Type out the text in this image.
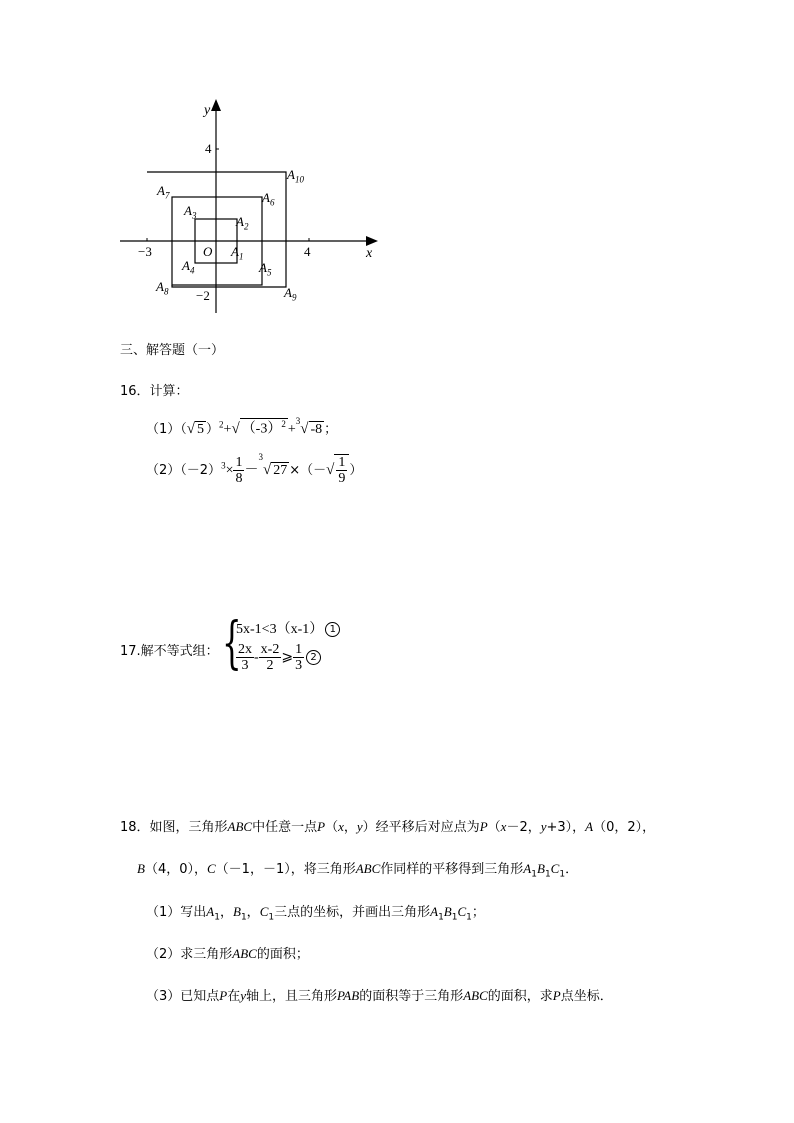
y
x
O
4
−2
−3	4
$A_1$
$A_2$
$A_3$
$A_4$	$A_5$
$A_6$
$A_7$
$A_8$	$A_9$
$A_{10}$
三、解答题（一）
16．计算：
（1）（√ 5 ）$^2$+√ $(-3)^2 +^3√$ -8 ；
$(2)(-2)^3\times \frac{1}{8} -^3√$ 27 ×（－√ $\frac{1}{9}$ ）
17.解不等式组： {
5x-1<3（x-1） 1
$\frac{2x}{3} - \frac{x-2}{2}$ ⩾ $\frac{1}{3} 2$
18．如图，三角形ABC中任意一点P（x，y）经平移后对应点为P（x－2，y+3），A（0，2），
B（4，0），C（－1，－1），将三角形ABC作同样的平移得到三角形$A_1B_1C_1$．
（1）写出$A_1$，$B_1$，$C_1$三点的坐标，并画出三角形$A_1B_1C_1$；
（2）求三角形ABC的面积；
（3）已知点P在y轴上，且三角形PAB的面积等于三角形ABC的面积，求P点坐标．
